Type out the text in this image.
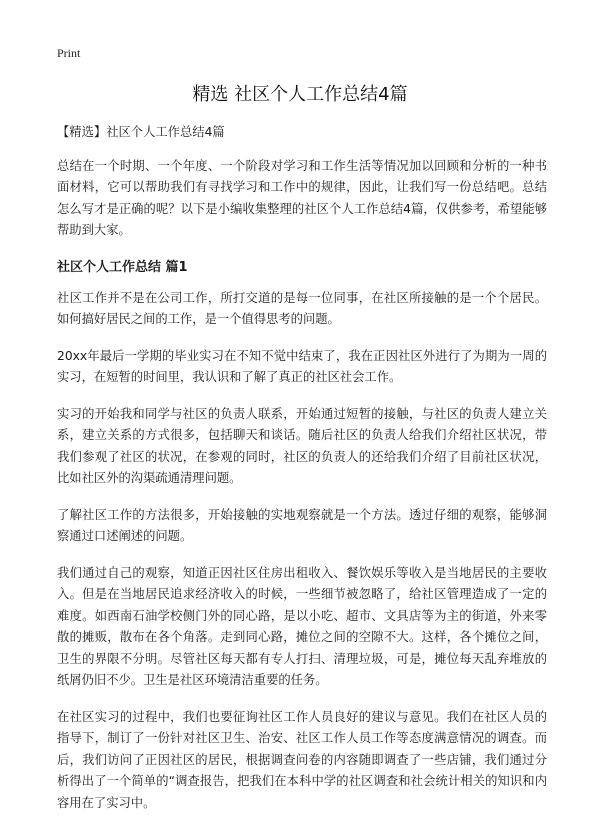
Print
精选 社区个人工作总结4篇

【精选】社区个人工作总结4篇

总结在一个时期、一个年度、一个阶段对学习和工作生活等情况加以回顾和分析的一种书面材料，它可以帮助我们有寻找学习和工作中的规律，因此，让我们写一份总结吧。总结怎么写才是正确的呢？以下是小编收集整理的社区个人工作总结4篇，仅供参考，希望能够帮助到大家。

社区个人工作总结 篇1

社区工作并不是在公司工作，所打交道的是每一位同事，在社区所接触的是一个个居民。如何搞好居民之间的工作，是一个值得思考的问题。

20xx年最后一学期的毕业实习在不知不觉中结束了，我在正因社区外进行了为期为一周的实习，在短暂的时间里，我认识和了解了真正的社区社会工作。

实习的开始我和同学与社区的负责人联系，开始通过短暂的接触，与社区的负责人建立关系，建立关系的方式很多，包括聊天和谈话。随后社区的负责人给我们介绍社区状况，带我们参观了社区的状况，在参观的同时，社区的负责人的还给我们介绍了目前社区状况，比如社区外的沟渠疏通清理问题。

了解社区工作的方法很多，开始接触的实地观察就是一个方法。透过仔细的观察，能够洞察通过口述阐述的问题。

我们通过自己的观察，知道正因社区住房出租收入、餐饮娱乐等收入是当地居民的主要收入。但是在当地居民追求经济收入的时候，一些细节被忽略了，给社区管理造成了一定的难度。如西南石油学校侧门外的同心路，是以小吃、超市、文具店等为主的街道，外来零散的摊贩，散布在各个角落。走到同心路，摊位之间的空隙不大。这样，各个摊位之间，卫生的界限不分明。尽管社区每天都有专人打扫、清理垃圾，可是，摊位每天乱弃堆放的纸屑仍旧不少。卫生是社区环境清洁重要的任务。

在社区实习的过程中，我们也要征询社区工作人员良好的建议与意见。我们在社区人员的指导下，制订了一份针对社区卫生、治安、社区工作人员工作等态度满意情况的调查。而后，我们访问了正因社区的居民，根据调查问卷的内容随即调查了一些店铺，我们通过分析得出了一个简单的“调查报告，把我们在本科中学的社区调查和社会统计相关的知识和内容用在了实习中。
